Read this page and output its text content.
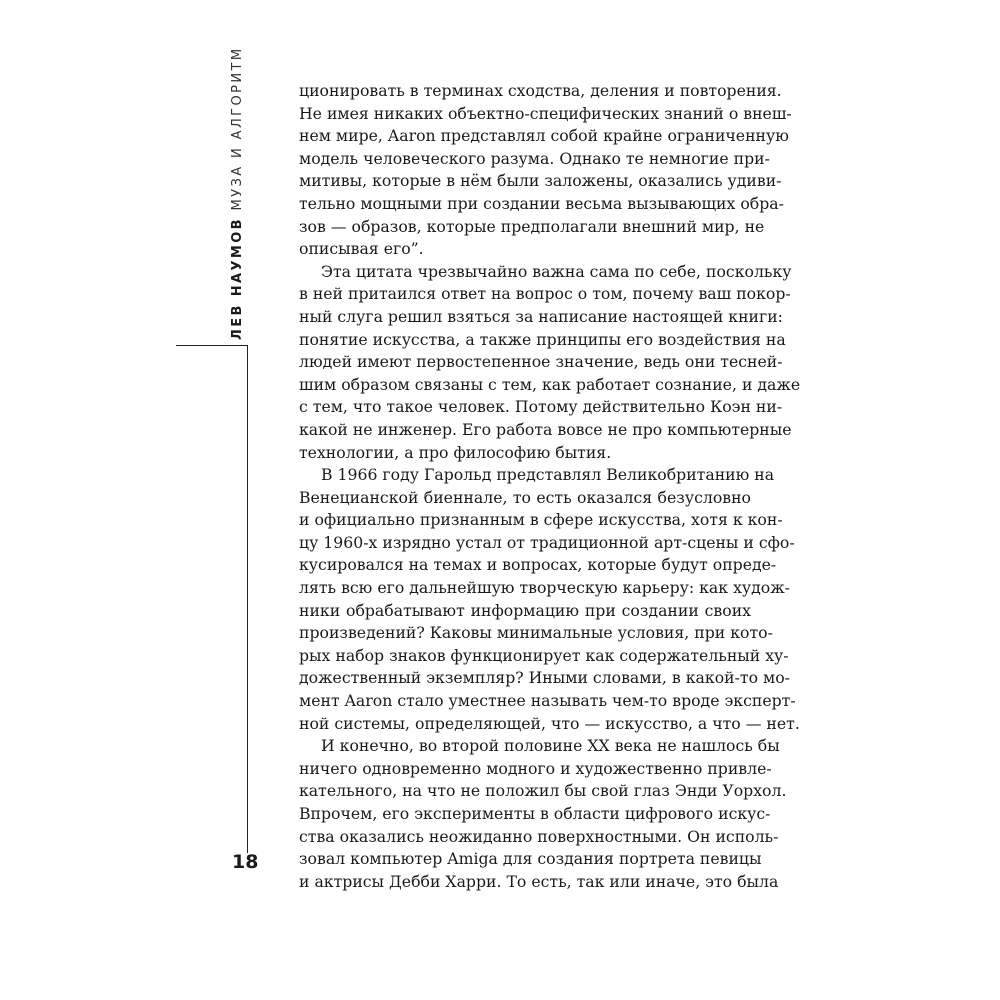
ЛЕВ НАУМОВ МУЗА И АЛГОРИТМ
18
ционировать в терминах сходства, деления и повторения.
Не имея никаких объектно-специфических знаний о внеш-
нем мире, Aaron представлял собой крайне ограниченную
модель человеческого разума. Однако те немногие при-
митивы, которые в нём были заложены, оказались удиви-
тельно мощными при создании весьма вызывающих обра-
зов — образов, которые предполагали внешний мир, не
описывая его”.
Эта цитата чрезвычайно важна сама по себе, поскольку
в ней притаился ответ на вопрос о том, почему ваш покор-
ный слуга решил взяться за написание настоящей книги:
понятие искусства, а также принципы его воздействия на
людей имеют первостепенное значение, ведь они тесней-
шим образом связаны с тем, как работает сознание, и даже
с тем, что такое человек. Потому действительно Коэн ни-
какой не инженер. Его работа вовсе не про компьютерные
технологии, а про философию бытия.
В 1966 году Гарольд представлял Великобританию на
Венецианской биеннале, то есть оказался безусловно
и официально признанным в сфере искусства, хотя к кон-
цу 1960-х изрядно устал от традиционной арт-сцены и сфо-
кусировался на темах и вопросах, которые будут опреде-
лять всю его дальнейшую творческую карьеру: как худож-
ники обрабатывают информацию при создании своих
произведений? Каковы минимальные условия, при кото-
рых набор знаков функционирует как содержательный ху-
дожественный экземпляр? Иными словами, в какой-то мо-
мент Aaron стало уместнее называть чем-то вроде эксперт-
ной системы, определяющей, что — искусство, а что — нет.
И конечно, во второй половине XX века не нашлось бы
ничего одновременно модного и художественно привле-
кательного, на что не положил бы свой глаз Энди Уорхол.
Впрочем, его эксперименты в области цифрового искус-
ства оказались неожиданно поверхностными. Он исполь-
зовал компьютер Amiga для создания портрета певицы
и актрисы Дебби Харри. То есть, так или иначе, это была
